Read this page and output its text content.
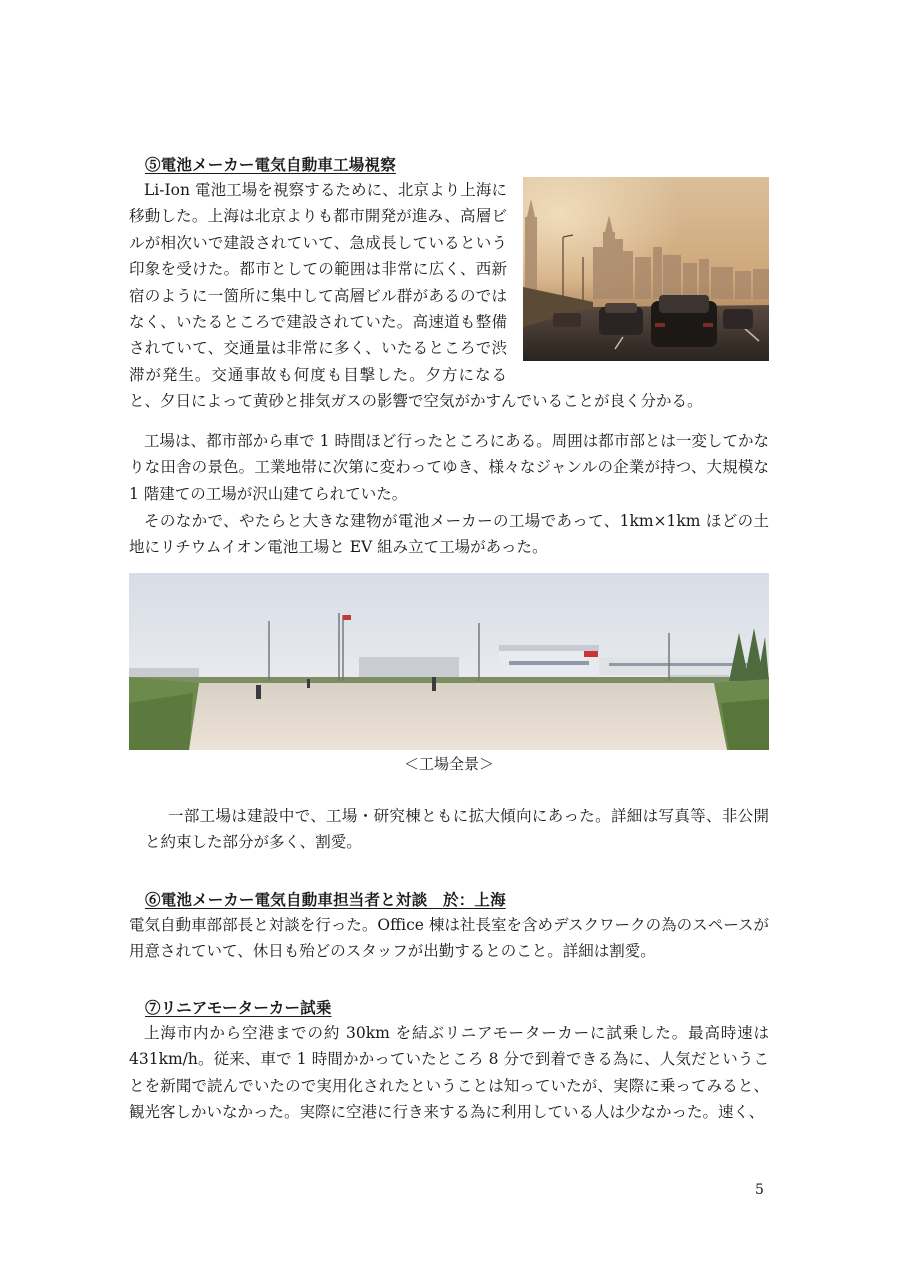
⑤電池メーカー電気自動車工場視察
Li-Ion 電池工場を視察するために、北京より上海に移動した。上海は北京よりも都市開発が進み、高層ビルが相次いで建設されていて、急成長しているという印象を受けた。都市としての範囲は非常に広く、西新宿のように一箇所に集中して高層ビル群があるのではなく、いたるところで建設されていた。高速道も整備されていて、交通量は非常に多く、いたるところで渋滞が発生。交通事故も何度も目撃した。夕方になると、夕日によって黄砂と排気ガスの影響で空気がかすんでいることが良く分かる。

工場は、都市部から車で 1 時間ほど行ったところにある。周囲は都市部とは一変してかなりな田舎の景色。工業地帯に次第に変わってゆき、様々なジャンルの企業が持つ、大規模な 1 階建ての工場が沢山建てられていた。

そのなかで、やたらと大きな建物が電池メーカーの工場であって、1km×1km ほどの土地にリチウムイオン電池工場と EV 組み立て工場があった。

＜工場全景＞

一部工場は建設中で、工場・研究棟ともに拡大傾向にあった。詳細は写真等、非公開と約束した部分が多く、割愛。

⑥電池メーカー電気自動車担当者と対談　於：上海

電気自動車部部長と対談を行った。Office 棟は社長室を含めデスクワークの為のスペースが用意されていて、休日も殆どのスタッフが出勤するとのこと。詳細は割愛。

⑦リニアモーターカー試乗

上海市内から空港までの約 30km を結ぶリニアモーターカーに試乗した。最高時速は 431km/h。従来、車で 1 時間かかっていたところ 8 分で到着できる為に、人気だということを新聞で読んでいたので実用化されたということは知っていたが、実際に乗ってみると、観光客しかいなかった。実際に空港に行き来する為に利用している人は少なかった。速く、

5
